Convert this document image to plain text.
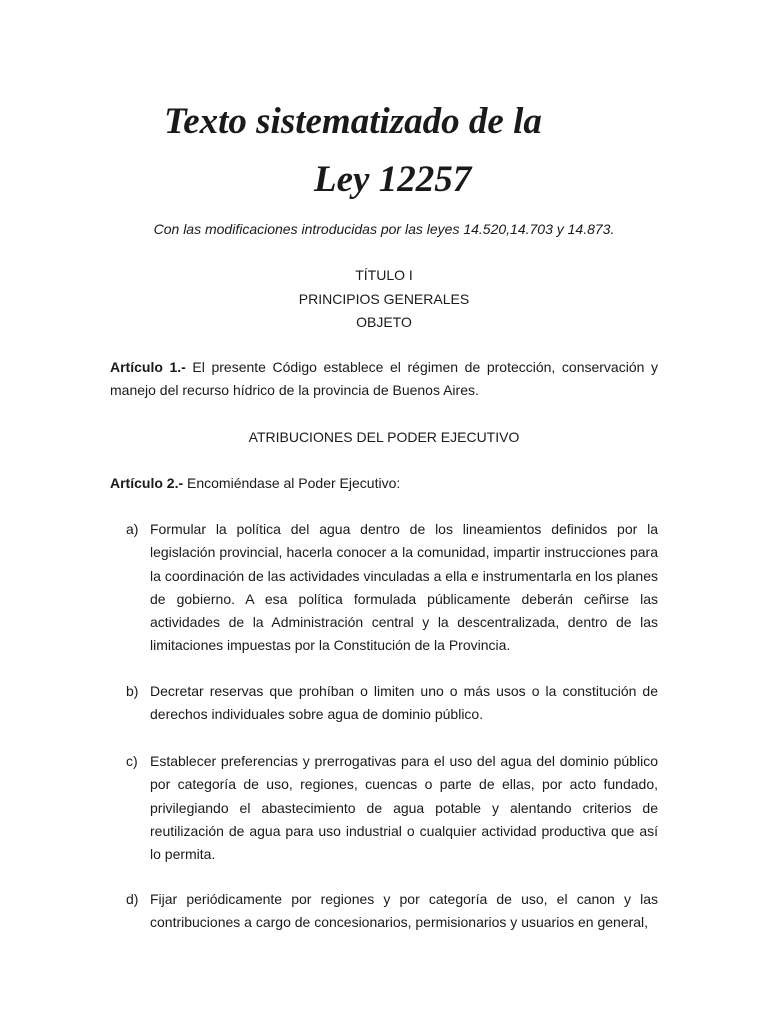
Texto sistematizado de la
Ley 12257
Con las modificaciones introducidas por las leyes 14.520,14.703 y 14.873.
TÍTULO I
PRINCIPIOS GENERALES
OBJETO
Artículo 1.- El presente Código establece el régimen de protección, conservación y manejo del recurso hídrico de la provincia de Buenos Aires.
ATRIBUCIONES DEL PODER EJECUTIVO
Artículo 2.- Encomiéndase al Poder Ejecutivo:
a) Formular la política del agua dentro de los lineamientos definidos por la legislación provincial, hacerla conocer a la comunidad, impartir instrucciones para la coordinación de las actividades vinculadas a ella e instrumentarla en los planes de gobierno. A esa política formulada públicamente deberán ceñirse las actividades de la Administración central y la descentralizada, dentro de las limitaciones impuestas por la Constitución de la Provincia.
b) Decretar reservas que prohíban o limiten uno o más usos o la constitución de derechos individuales sobre agua de dominio público.
c) Establecer preferencias y prerrogativas para el uso del agua del dominio público por categoría de uso, regiones, cuencas o parte de ellas, por acto fundado, privilegiando el abastecimiento de agua potable y alentando criterios de reutilización de agua para uso industrial o cualquier actividad productiva que así lo permita.
d) Fijar periódicamente por regiones y por categoría de uso, el canon y las contribuciones a cargo de concesionarios, permisionarios y usuarios en general,
